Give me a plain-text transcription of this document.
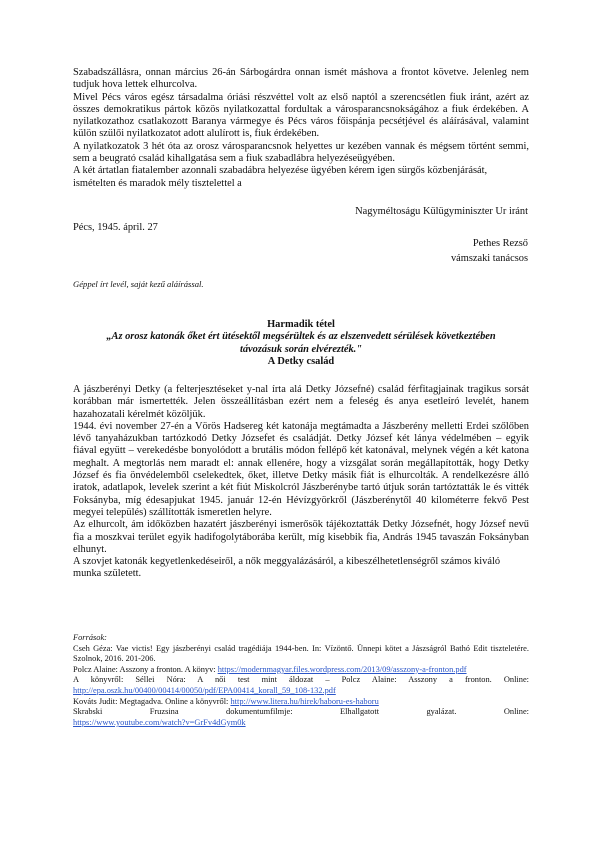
Szabadszállásra, onnan március 26-án Sárbogárdra onnan ismét máshova a frontot követve. Jelenleg nem tudjuk hova lettek elhurcolva.

Mivel Pécs város egész társadalma óriási részvéttel volt az első naptól a szerencsétlen fiuk iránt, azért az összes demokratikus pártok közös nyilatkozattal fordultak a városparancsnokságához a fiuk érdekében. A nyilatkozathoz csatlakozott Baranya vármegye és Pécs város főispánja pecsétjével és aláírásával, valamint külön szülői nyilatkozatot adott alulírott is, fiuk érdekében.

A nyilatkozatok 3 hét óta az orosz városparancsnok helyettes ur kezében vannak és mégsem történt semmi, sem a beugrató család kihallgatása sem a fiuk szabadlábra helyezéseügyében.

A két ártatlan fiatalember azonnali szabadábra helyezése ügyében kérem igen sürgős közbenjárását, ismételten és maradok mély tisztelettel a

Nagyméltoságu Külügyminiszter Ur iránt
Pécs, 1945. ápril. 27
Pethes Rezső
vámszaki tanácsos
Géppel írt levél, saját kezű aláírással.
Harmadik tétel
„Az orosz katonák őket ért ütésektől megsérültek és az elszenvedett sérülések következtében
távozásuk során elvérezték."
A Detky család

A jászberényi Detky (a felterjesztéseket y-nal írta alá Detky Józsefné) család férfitagjainak tragikus sorsát korábban már ismertették. Jelen összeállításban ezért nem a feleség és anya esetleíró levelét, hanem hazahozatali kérelmét közöljük.

1944. évi november 27-én a Vörös Hadsereg két katonája megtámadta a Jászberény melletti Erdei szőlőben lévő tanyaházukban tartózkodó Detky Józsefet és családját. Detky József két lánya védelmében – egyik fiával együtt – verekedésbe bonyolódott a brutális módon fellépő két katonával, melynek végén a két katona meghalt. A megtorlás nem maradt el: annak ellenére, hogy a vizsgálat során megállapították, hogy Detky József és fia önvédelemből cselekedtek, őket, illetve Detky másik fiát is elhurcolták. A rendelkezésre álló iratok, adatlapok, levelek szerint a két fiút Miskolcról Jászberénybe tartó útjuk során tartóztatták le és vitték Foksányba, míg édesapjukat 1945. január 12-én Hévízgyörkről (Jászberénytől 40 kilométerre fekvő Pest megyei település) szállították ismeretlen helyre.

Az elhurcolt, ám időközben hazatért jászberényi ismerősök tájékoztatták Detky Józsefnét, hogy József nevű fia a moszkvai terület egyik hadifogolytáborába került, míg kisebbik fia, András 1945 tavaszán Foksányban elhunyt.

A szovjet katonák kegyetlenkedéseiről, a nők meggyalázásáról, a kibeszélhetetlenségről számos kiváló munka született.

Források:

Cseh Géza: Vae victis! Egy jászberényi család tragédiája 1944-ben. In: Vízöntő. Ünnepi kötet a Jászságról Bathó Edit tiszteletére. Szolnok, 2016. 201-206.

Polcz Alaine: Asszony a fronton. A könyv: https://modernmagyar.files.wordpress.com/2013/09/asszony-a-fronton.pdf

A könyvről: Séllei Nóra: A női test mint áldozat – Polcz Alaine: Asszony a fronton. Online: http://epa.oszk.hu/00400/00414/00050/pdf/EPA00414_korall_59_108-132.pdf

Kováts Judit: Megtagadva. Online a könyvről: http://www.litera.hu/hirek/haboru-es-haboru

Skrabski	Fruzsina	dokumentumfilmje:	Elhallgatott	gyalázat.	Online:

https://www.youtube.com/watch?v=GrFv4dGym0k
